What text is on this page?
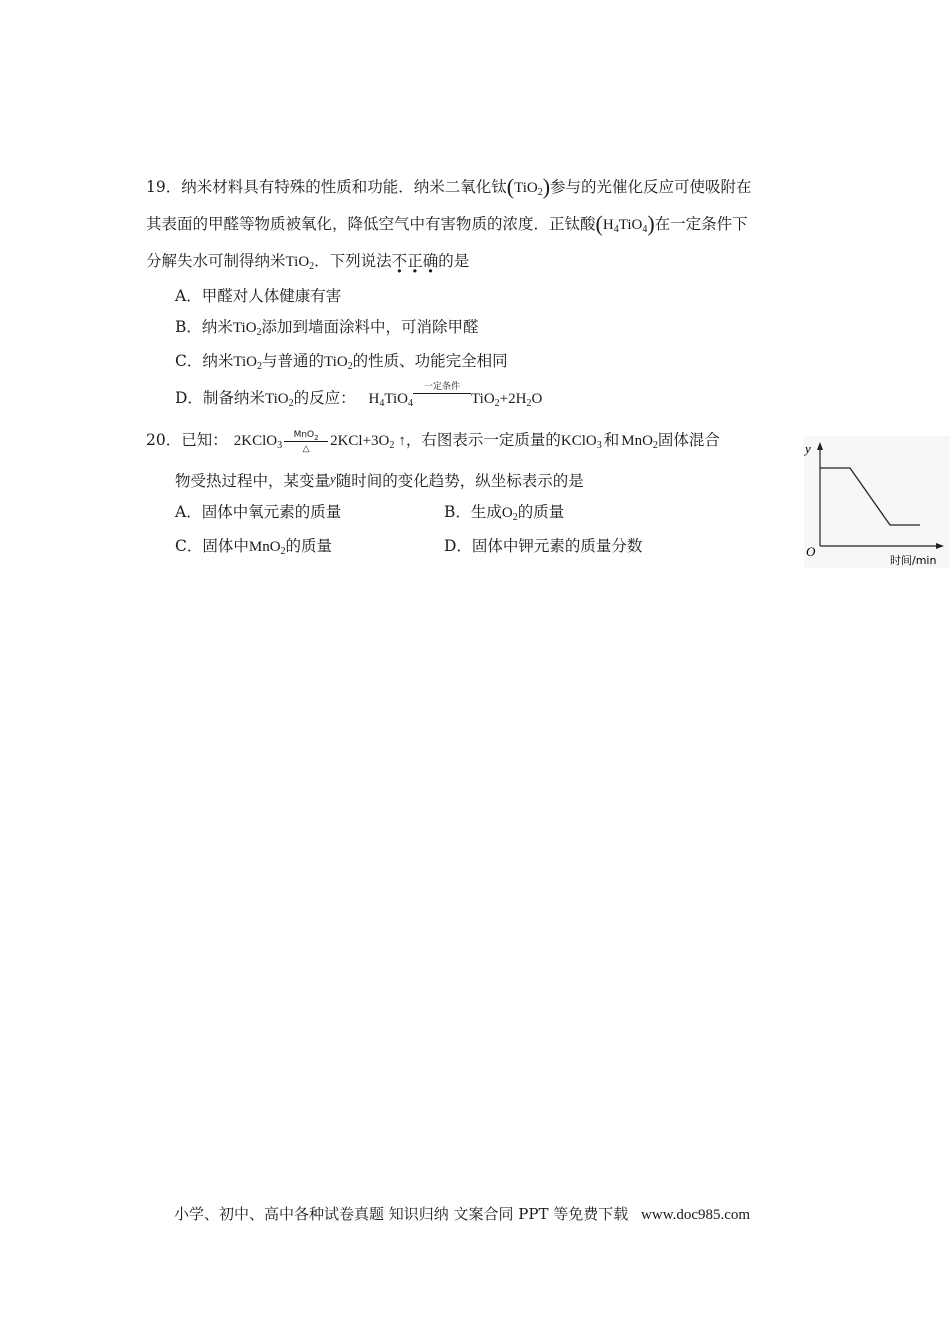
19．纳米材料具有特殊的性质和功能．纳米二氧化钛(TiO$_2$)参与的光催化反应可使吸附在
其表面的甲醛等物质被氧化，降低空气中有害物质的浓度．正钛酸$(H_4TiO_4)$在一定条件下
分解失水可制得纳米TiO$_2$．下列说法不正确的是
A．甲醛对人体健康有害
B．纳米TiO$_2$添加到墙面涂料中，可消除甲醛
C．纳米TiO$_2$与普通的TiO$_2$的性质、功能完全相同
D．制备纳米TiO$_2$的反应： $H_4TiO_4$
一定条件
$TiO_2+2H_2O$
20．已知： 2KClO$_3$
MnO$_2$
△	$2KCl+3O_2$ ↑，右图表示一定质量的KClO$_3$ 和 MnO$_2$固体混合
物受热过程中，某变量y随时间的变化趋势，纵坐标表示的是
A．固体中氧元素的质量	B．生成$O_2$的质量
C．固体中MnO$_2$的质量	D．固体中钾元素的质量分数
y
O
时间/min
小学、初中、高中各种试卷真题 知识归纳 文案合同 PPT 等免费下载 www.doc985.com
